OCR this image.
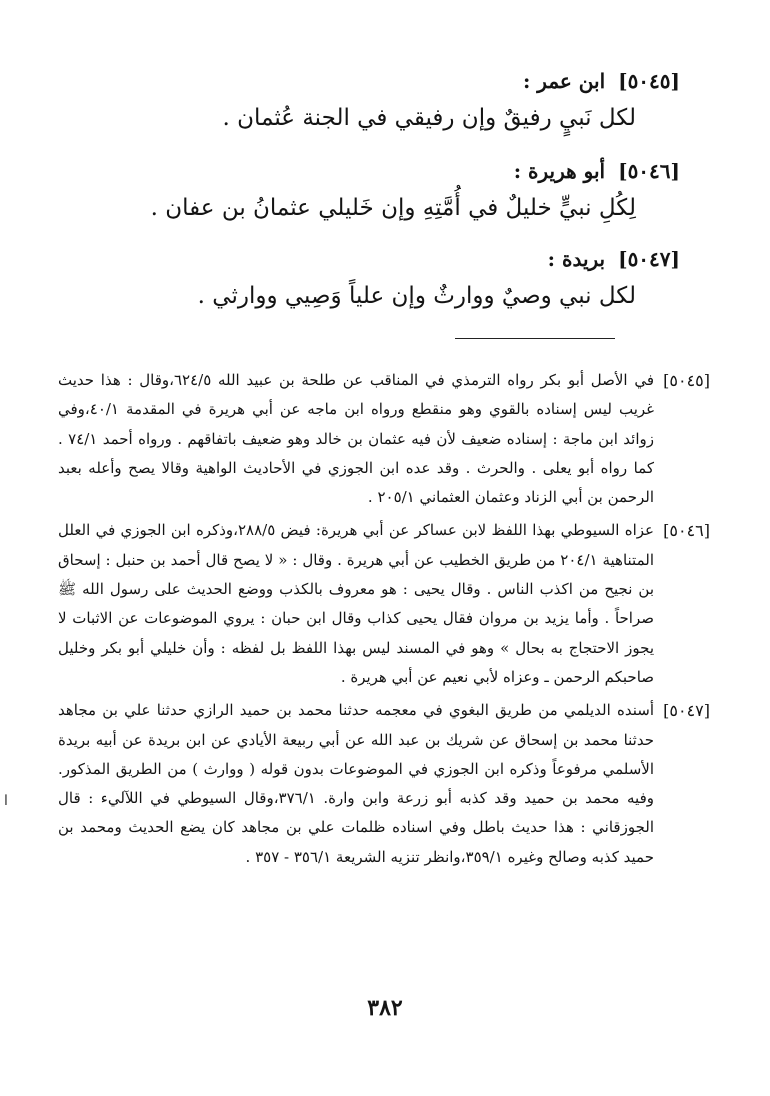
[٥٠٤٥] ابن عمر :
لكل نَبيٍ رفيقٌ وإن رفيقي في الجنة عُثمان .
[٥٠٤٦] أبو هريرة :
لِكُلِ نبيٍّ خليلٌ في أُمَّتِهِ وإن خَليلي عثمانُ بن عفان .
[٥٠٤٧] بريدة :
لكل نبي وصيٌ ووارثٌ وإن علياً وَصِيي ووارثي .
[٥٠٤٥]
في الأصل أبو بكر رواه الترمذي في المناقب عن طلحة بن عبيد الله ٦٢٤/٥،وقال : هذا حديث غريب ليس إسناده بالقوي وهو منقطع ورواه ابن ماجه عن أبي هريرة في المقدمة ٤٠/١،وفي زوائد ابن ماجة : إسناده ضعيف لأن فيه عثمان بن خالد وهو ضعيف باتفاقهم . ورواه أحمد ٧٤/١ . كما رواه أبو يعلى . والحرث . وقد عده ابن الجوزي في الأحاديث الواهية وقالا يصح وأعله بعبد الرحمن بن أبي الزناد وعثمان العثماني ٢٠٥/١ .
[٥٠٤٦]
عزاه السيوطي بهذا اللفظ لابن عساكر عن أبي هريرة: فيض ٢٨٨/٥،وذكره ابن الجوزي في العلل المتناهية ٢٠٤/١ من طريق الخطيب عن أبي هريرة . وقال : « لا يصح قال أحمد بن حنبل : إسحاق بن نجيح من اكذب الناس . وقال يحيى : هو معروف بالكذب ووضع الحديث على رسول الله ﷺ صراحاً . وأما يزيد بن مروان فقال يحيى كذاب وقال ابن حبان : يروي الموضوعات عن الاثبات لا يجوز الاحتجاج به بحال » وهو في المسند ليس بهذا اللفظ بل لفظه : وأن خليلي أبو بكر وخليل صاحبكم الرحمن ـ وعزاه لأبي نعيم عن أبي هريرة .
[٥٠٤٧]
أسنده الديلمي من طريق البغوي في معجمه حدثنا محمد بن حميد الرازي حدثنا علي بن مجاهد حدثنا محمد بن إسحاق عن شريك بن عبد الله عن أبي ربيعة الأيادي عن ابن بريدة عن أبيه بريدة الأسلمي مرفوعاً وذكره ابن الجوزي في الموضوعات بدون قوله ( ووارث ) من الطريق المذكور. وفيه محمد بن حميد وقد كذبه أبو زرعة وابن وارة. ٣٧٦/١،وقال السيوطي في اللآليء : قال الجوزقاني : هذا حديث باطل وفي اسناده ظلمات علي بن مجاهد كان يضع الحديث ومحمد بن حميد كذبه وصالح وغيره ٣٥٩/١،وانظر تنزيه الشريعة ٣٥٦/١ - ٣٥٧ .
ا
٣٨٢
